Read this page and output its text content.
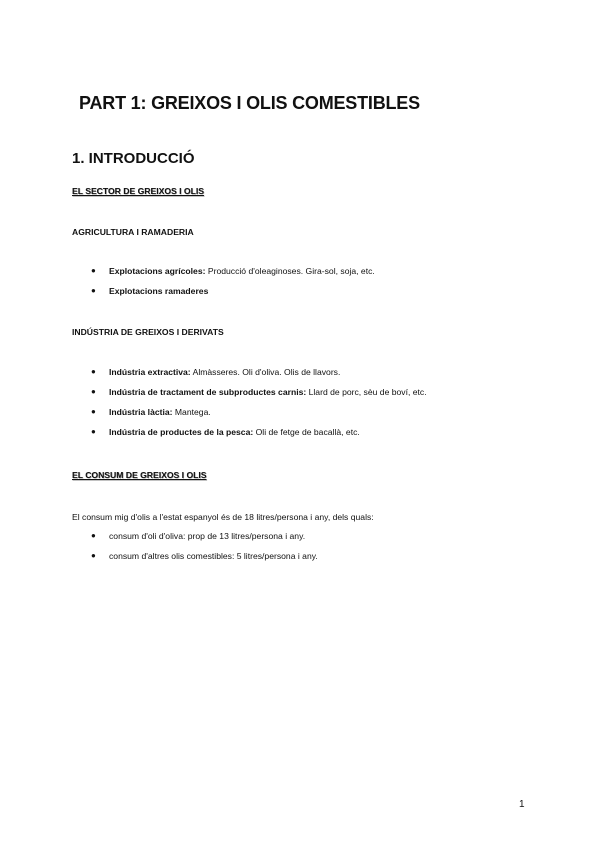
PART 1: GREIXOS I OLIS COMESTIBLES
1. INTRODUCCIÓ
EL SECTOR DE GREIXOS I OLIS
AGRICULTURA I RAMADERIA
● Explotacions agrícoles: Producció d'oleaginoses. Gira-sol, soja, etc.
● Explotacions ramaderes
INDÚSTRIA DE GREIXOS I DERIVATS
● Indústria extractiva: Almàsseres. Oli d'oliva. Olis de llavors.
● Indústria de tractament de subproductes carnis: Llard de porc, sèu de boví, etc.
● Indústria làctia: Mantega.
● Indústria de productes de la pesca: Oli de fetge de bacallà, etc.
EL CONSUM DE GREIXOS I OLIS
El consum mig d'olis a l'estat espanyol és de 18 litres/persona i any, dels quals:
● consum d'oli d'oliva: prop de 13 litres/persona i any.
● consum d'altres olis comestibles: 5 litres/persona i any.
1
